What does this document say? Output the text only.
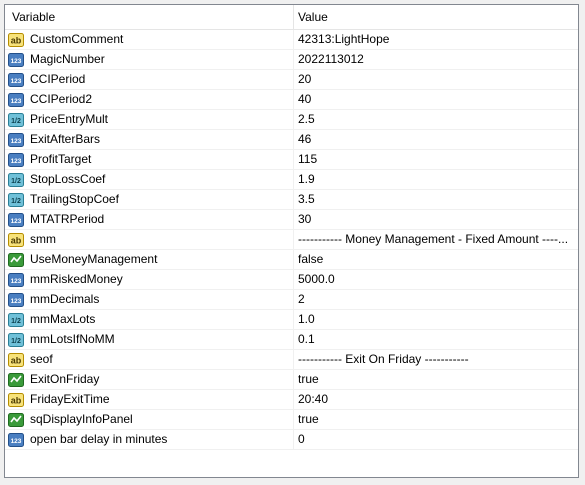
Variable	Value
ab CustomComment	42313:LightHope
123 MagicNumber	2022113012
123 CCIPeriod	20
123 CCIPeriod2	40
1/2 PriceEntryMult	2.5
123 ExitAfterBars	46
123 ProfitTarget	115
1/2 StopLossCoef	1.9
1/2 TrailingStopCoef	3.5
123 MTATRPeriod	30
ab smm	----------- Money Management - Fixed Amount ----...
UseMoneyManagement	false
123 mmRiskedMoney	5000.0
123 mmDecimals	2
1/2 mmMaxLots	1.0
1/2 mmLotsIfNoMM	0.1
ab seof	----------- Exit On Friday -----------
ExitOnFriday	true
ab FridayExitTime	20:40
sqDisplayInfoPanel	true
123 open bar delay in minutes	0
